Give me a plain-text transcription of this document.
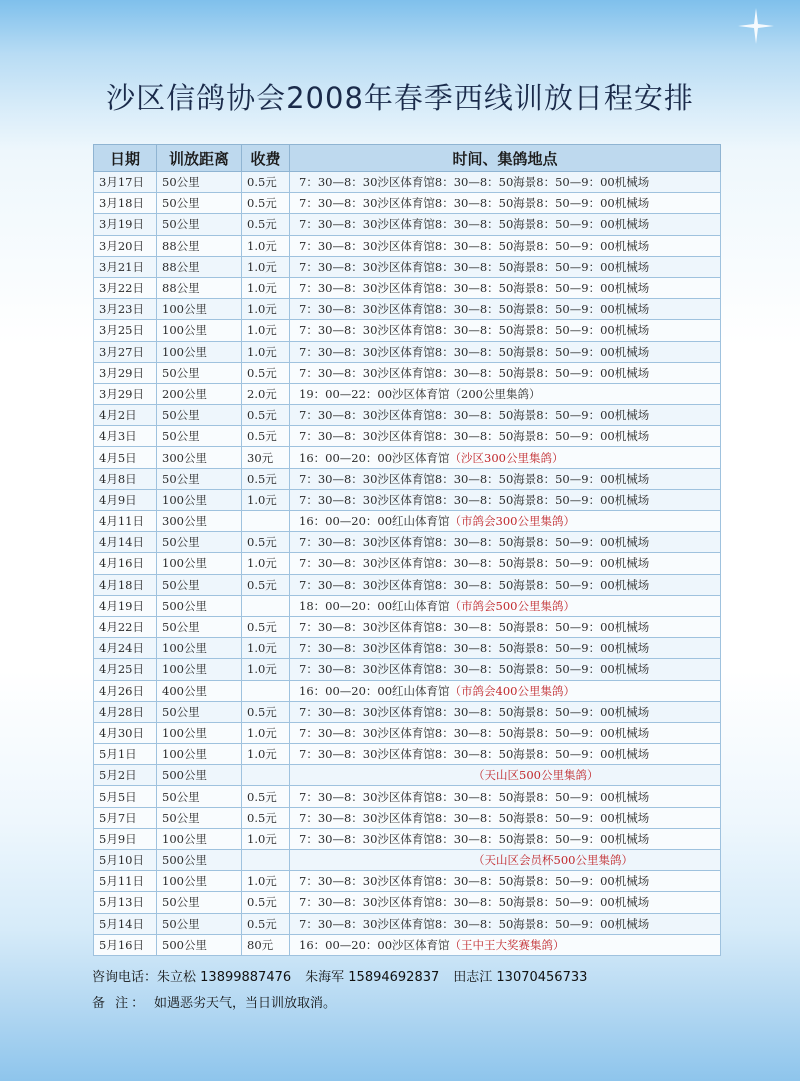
沙区信鸽协会2008年春季西线训放日程安排
日期	训放距离	收费	时间、集鸽地点
3月17日	50公里	0.5元	7：30—8：30沙区体育馆8：30—8：50海景8：50—9：00机械场
3月18日	50公里	0.5元	7：30—8：30沙区体育馆8：30—8：50海景8：50—9：00机械场
3月19日	50公里	0.5元	7：30—8：30沙区体育馆8：30—8：50海景8：50—9：00机械场
3月20日	88公里	1.0元	7：30—8：30沙区体育馆8：30—8：50海景8：50—9：00机械场
3月21日	88公里	1.0元	7：30—8：30沙区体育馆8：30—8：50海景8：50—9：00机械场
3月22日	88公里	1.0元	7：30—8：30沙区体育馆8：30—8：50海景8：50—9：00机械场
3月23日	100公里	1.0元	7：30—8：30沙区体育馆8：30—8：50海景8：50—9：00机械场
3月25日	100公里	1.0元	7：30—8：30沙区体育馆8：30—8：50海景8：50—9：00机械场
3月27日	100公里	1.0元	7：30—8：30沙区体育馆8：30—8：50海景8：50—9：00机械场
3月29日	50公里	0.5元	7：30—8：30沙区体育馆8：30—8：50海景8：50—9：00机械场
3月29日	200公里	2.0元	19：00—22：00沙区体育馆（200公里集鸽）
4月2日	50公里	0.5元	7：30—8：30沙区体育馆8：30—8：50海景8：50—9：00机械场
4月3日	50公里	0.5元	7：30—8：30沙区体育馆8：30—8：50海景8：50—9：00机械场
4月5日	300公里	30元	16：00—20：00沙区体育馆（沙区300公里集鸽）
4月8日	50公里	0.5元	7：30—8：30沙区体育馆8：30—8：50海景8：50—9：00机械场
4月9日	100公里	1.0元	7：30—8：30沙区体育馆8：30—8：50海景8：50—9：00机械场
4月11日	300公里		16：00—20：00红山体育馆（市鸽会300公里集鸽）
4月14日	50公里	0.5元	7：30—8：30沙区体育馆8：30—8：50海景8：50—9：00机械场
4月16日	100公里	1.0元	7：30—8：30沙区体育馆8：30—8：50海景8：50—9：00机械场
4月18日	50公里	0.5元	7：30—8：30沙区体育馆8：30—8：50海景8：50—9：00机械场
4月19日	500公里		18：00—20：00红山体育馆（市鸽会500公里集鸽）
4月22日	50公里	0.5元	7：30—8：30沙区体育馆8：30—8：50海景8：50—9：00机械场
4月24日	100公里	1.0元	7：30—8：30沙区体育馆8：30—8：50海景8：50—9：00机械场
4月25日	100公里	1.0元	7：30—8：30沙区体育馆8：30—8：50海景8：50—9：00机械场
4月26日	400公里		16：00—20：00红山体育馆（市鸽会400公里集鸽）
4月28日	50公里	0.5元	7：30—8：30沙区体育馆8：30—8：50海景8：50—9：00机械场
4月30日	100公里	1.0元	7：30—8：30沙区体育馆8：30—8：50海景8：50—9：00机械场
5月1日	100公里	1.0元	7：30—8：30沙区体育馆8：30—8：50海景8：50—9：00机械场
5月2日	500公里		（天山区500公里集鸽）
5月5日	50公里	0.5元	7：30—8：30沙区体育馆8：30—8：50海景8：50—9：00机械场
5月7日	50公里	0.5元	7：30—8：30沙区体育馆8：30—8：50海景8：50—9：00机械场
5月9日	100公里	1.0元	7：30—8：30沙区体育馆8：30—8：50海景8：50—9：00机械场
5月10日	500公里		（天山区会员杯500公里集鸽）
5月11日	100公里	1.0元	7：30—8：30沙区体育馆8：30—8：50海景8：50—9：00机械场
5月13日	50公里	0.5元	7：30—8：30沙区体育馆8：30—8：50海景8：50—9：00机械场
5月14日	50公里	0.5元	7：30—8：30沙区体育馆8：30—8：50海景8：50—9：00机械场
5月16日	500公里	80元	16：00—20：00沙区体育馆（王中王大奖赛集鸽）
咨询电话：朱立松 13899887476 朱海军 15894692837 田志江 13070456733
备 注： 如遇恶劣天气，当日训放取消。
